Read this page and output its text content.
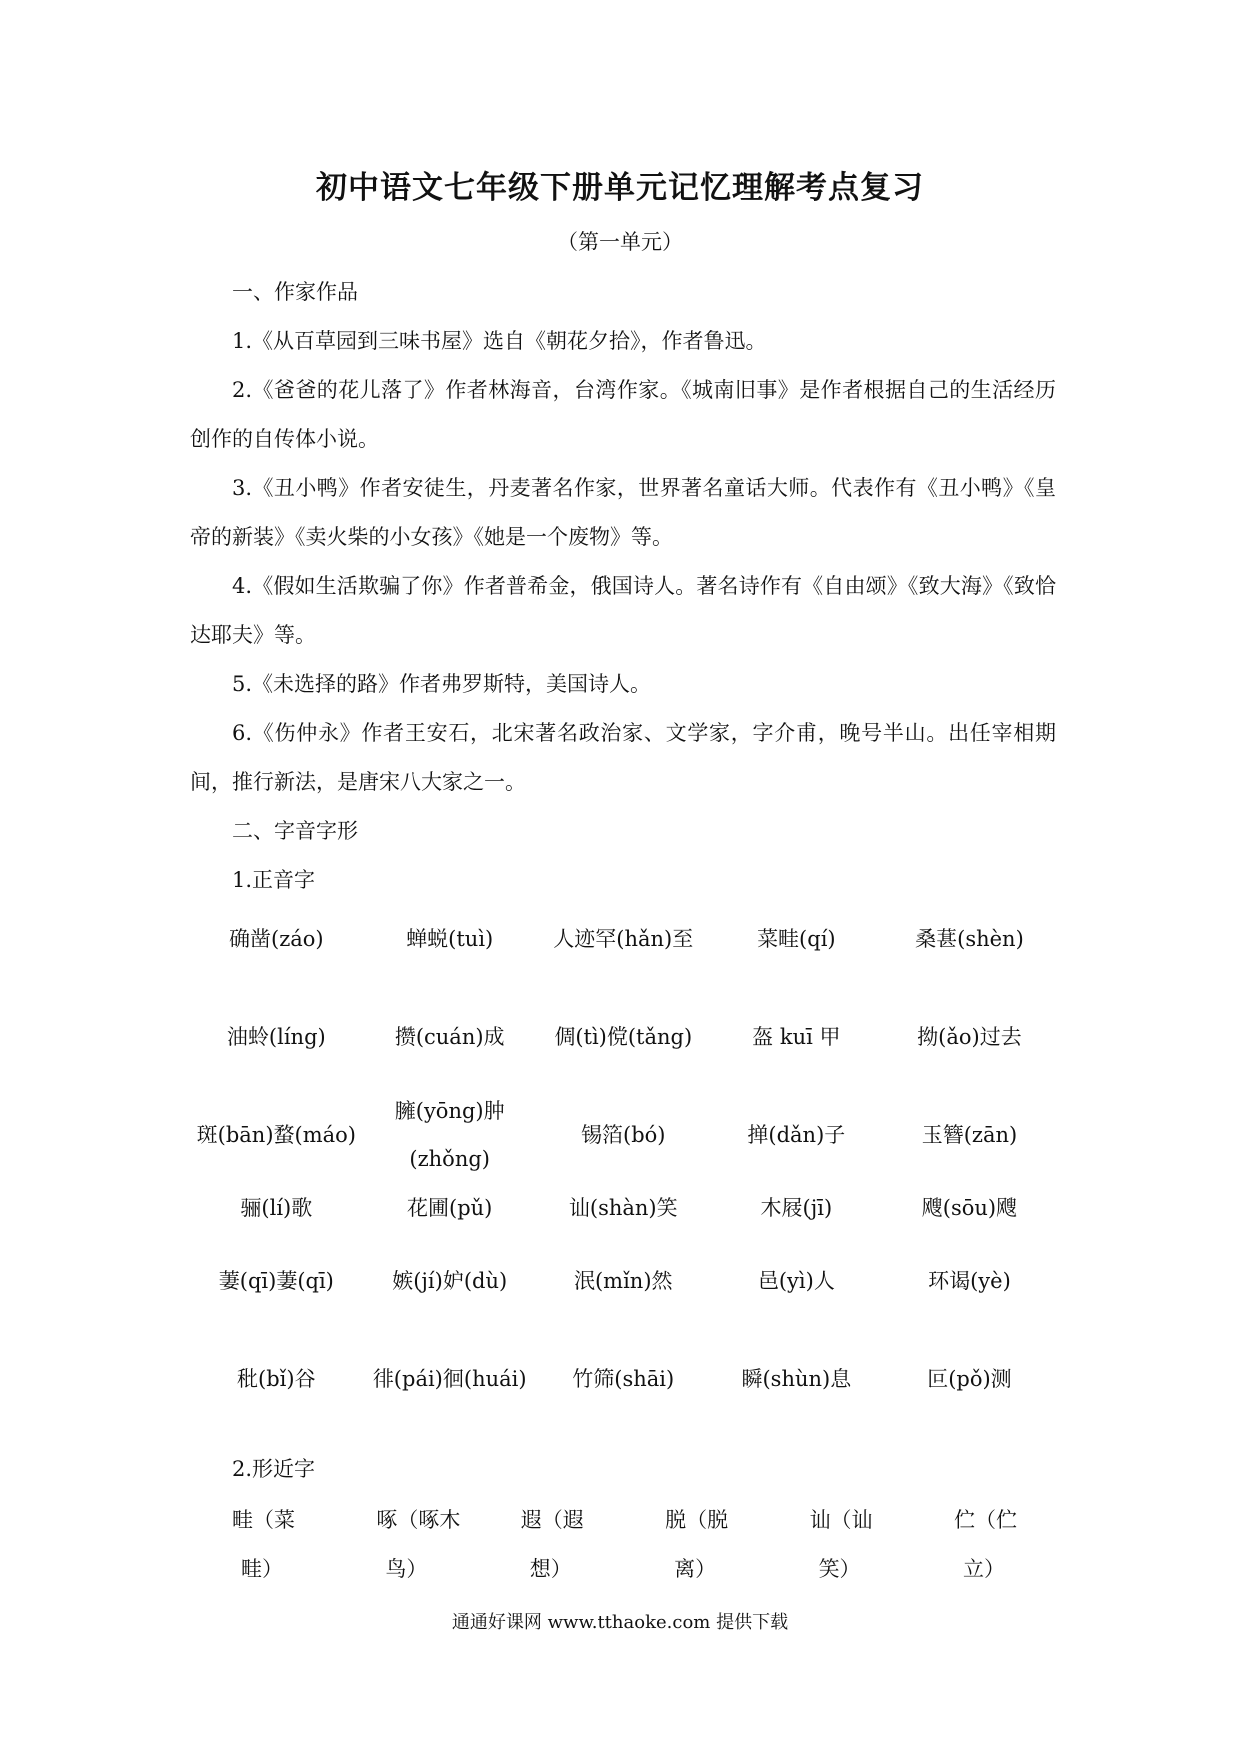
初中语文七年级下册单元记忆理解考点复习
（第一单元）

一、作家作品

1.《从百草园到三味书屋》选自《朝花夕拾》，作者鲁迅。

2.《爸爸的花儿落了》作者林海音，台湾作家。《城南旧事》是作者根据自己的生活经历创作的自传体小说。

3.《丑小鸭》作者安徒生，丹麦著名作家，世界著名童话大师。代表作有《丑小鸭》《皇帝的新装》《卖火柴的小女孩》《她是一个废物》等。

4.《假如生活欺骗了你》作者普希金，俄国诗人。著名诗作有《自由颂》《致大海》《致恰达耶夫》等。

5.《未选择的路》作者弗罗斯特，美国诗人。

6.《伤仲永》作者王安石，北宋著名政治家、文学家，字介甫，晚号半山。出任宰相期间，推行新法，是唐宋八大家之一。

二、字音字形

1.正音字

确凿(záo)	蝉蜕(tuì)	人迹罕(hǎn)至	菜畦(qí)	桑葚(shèn)
油蛉(líng)	攒(cuán)成	倜(tì)傥(tǎng)	盔 kuī 甲	拗(ǎo)过去
斑(bān)蝥(máo)	臃(yōng)肿(zhǒng)	锡箔(bó)	掸(dǎn)子	玉簪(zān)
骊(lí)歌	花圃(pǔ)	讪(shàn)笑	木屐(jī)	飕(sōu)飕
萋(qī)萋(qī)	嫉(jí)妒(dù)	泯(mǐn)然	邑(yì)人	环谒(yè)
秕(bǐ)谷	徘(pái)徊(huái)	竹筛(shāi)	瞬(shùn)息	叵(pǒ)测

2.形近字

畦（菜	啄（啄木	遐（遐	脱（脱	讪（讪	伫（伫
畦）	鸟）	想）	离）	笑）	立）
通通好课网 www.tthaoke.com 提供下载
